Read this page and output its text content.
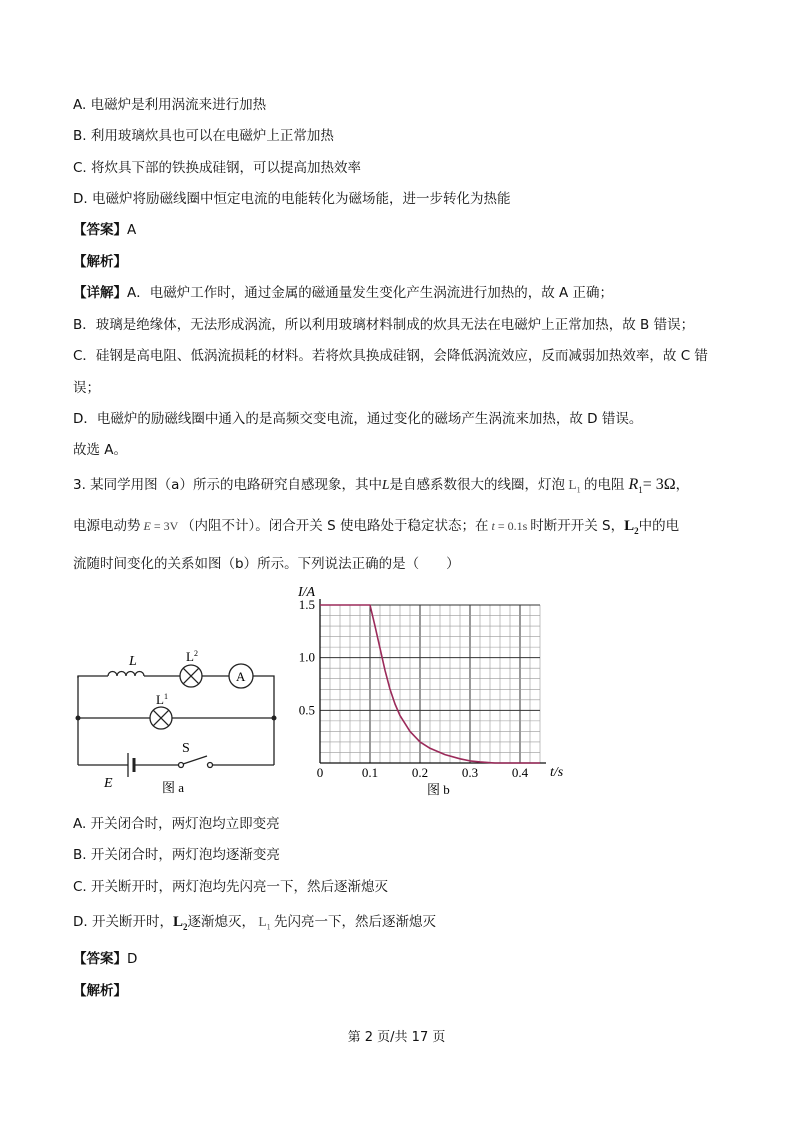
A. 电磁炉是利用涡流来进行加热
B. 利用玻璃炊具也可以在电磁炉上正常加热
C. 将炊具下部的铁换成硅钢，可以提高加热效率
D. 电磁炉将励磁线圈中恒定电流的电能转化为磁场能，进一步转化为热能
【答案】A
【解析】
【详解】A．电磁炉工作时，通过金属的磁通量发生变化产生涡流进行加热的，故 A 正确；
B．玻璃是绝缘体，无法形成涡流，所以利用玻璃材料制成的炊具无法在电磁炉上正常加热，故 B 错误；
C．硅钢是高电阻、低涡流损耗的材料。若将炊具换成硅钢，会降低涡流效应，反而减弱加热效率，故 C 错
误；
D．电磁炉的励磁线圈中通入的是高频交变电流，通过变化的磁场产生涡流来加热，故 D 错误。
故选 A。
3. 某同学用图（a）所示的电路研究自感现象，其中L是自感系数很大的线圈，灯泡 $L_1$ 的电阻 $R_1= 3\Omega$，
电源电动势 E = 3V （内阻不计）。闭合开关 S 使电路处于稳定状态；在 t = 0.1s 时断开开关 S，$L_2$中的电
流随时间变化的关系如图（b）所示。下列说法正确的是（　　）
L	$L^2$
A
$L^1$
S
E	图 a
0	0.1	0.2	0.3	0.4
0.5
1.0
1.5
I/A
t/s
图 b
A. 开关闭合时，两灯泡均立即变亮
B. 开关闭合时，两灯泡均逐渐变亮
C. 开关断开时，两灯泡均先闪亮一下，然后逐渐熄灭
D. 开关断开时，$L_2$逐渐熄灭， $L_1$ 先闪亮一下，然后逐渐熄灭
【答案】D
【解析】
第 2 页/共 17 页
